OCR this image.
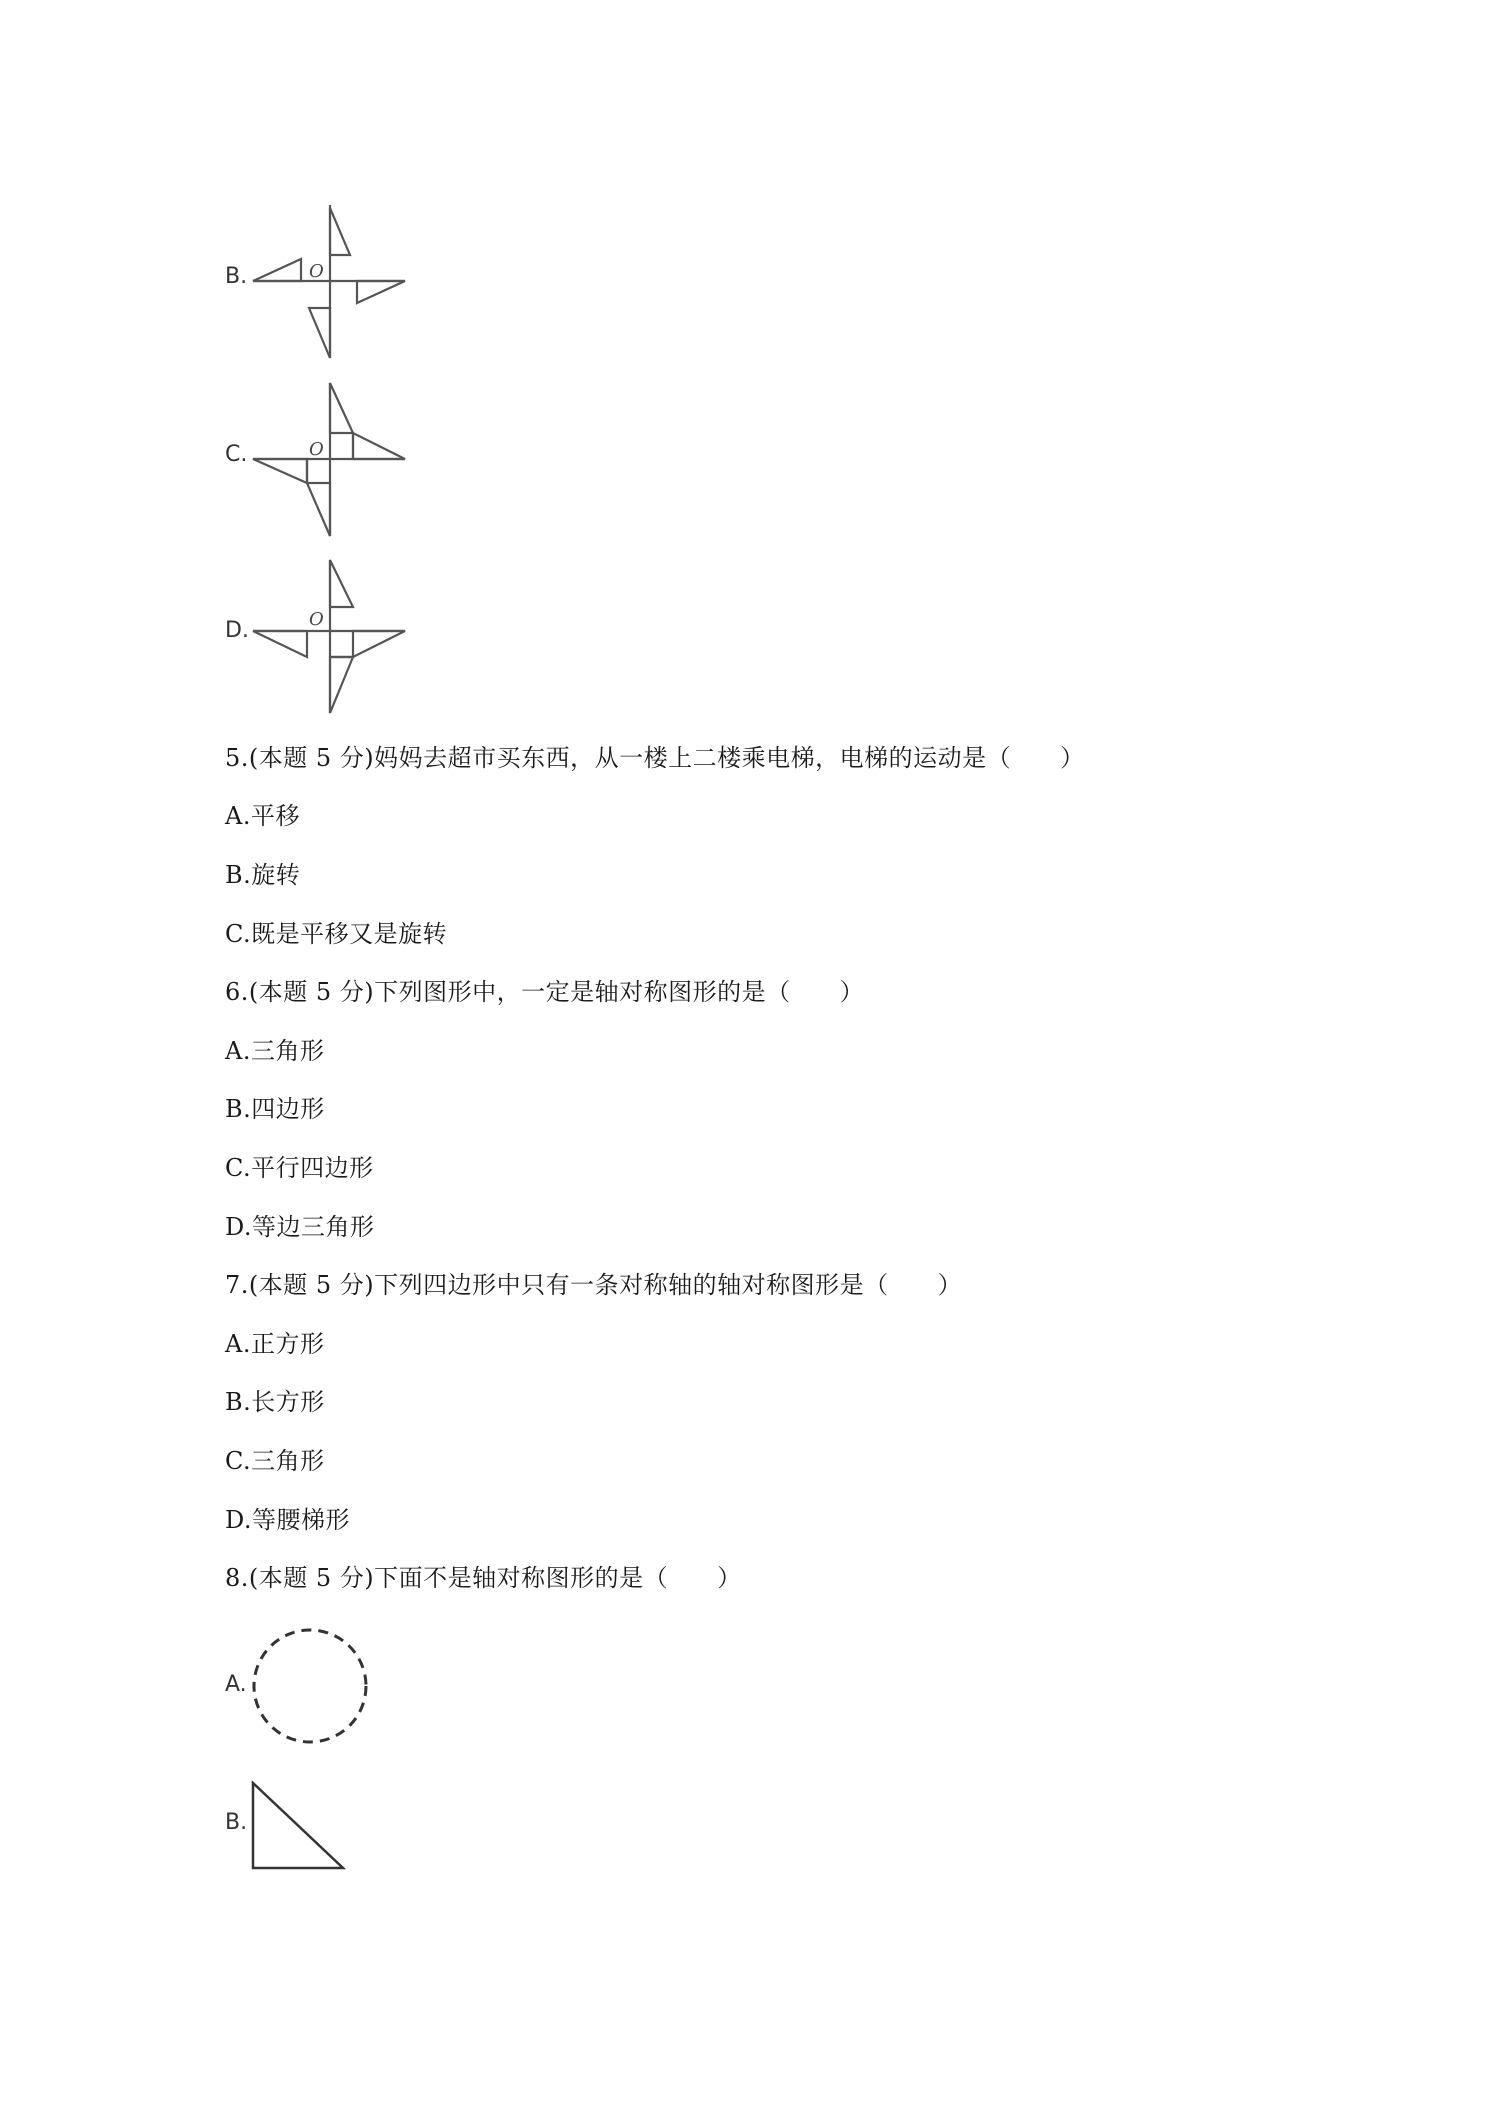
B.	O
C.	O
D.	O
5.(本题 5 分)妈妈去超市买东西，从一楼上二楼乘电梯，电梯的运动是（　　）
A.平移
B.旋转
C.既是平移又是旋转
6.(本题 5 分)下列图形中，一定是轴对称图形的是（　　）
A.三角形
B.四边形
C.平行四边形
D.等边三角形
7.(本题 5 分)下列四边形中只有一条对称轴的轴对称图形是（　　）
A.正方形
B.长方形
C.三角形
D.等腰梯形
8.(本题 5 分)下面不是轴对称图形的是（　　）
A.
B.
